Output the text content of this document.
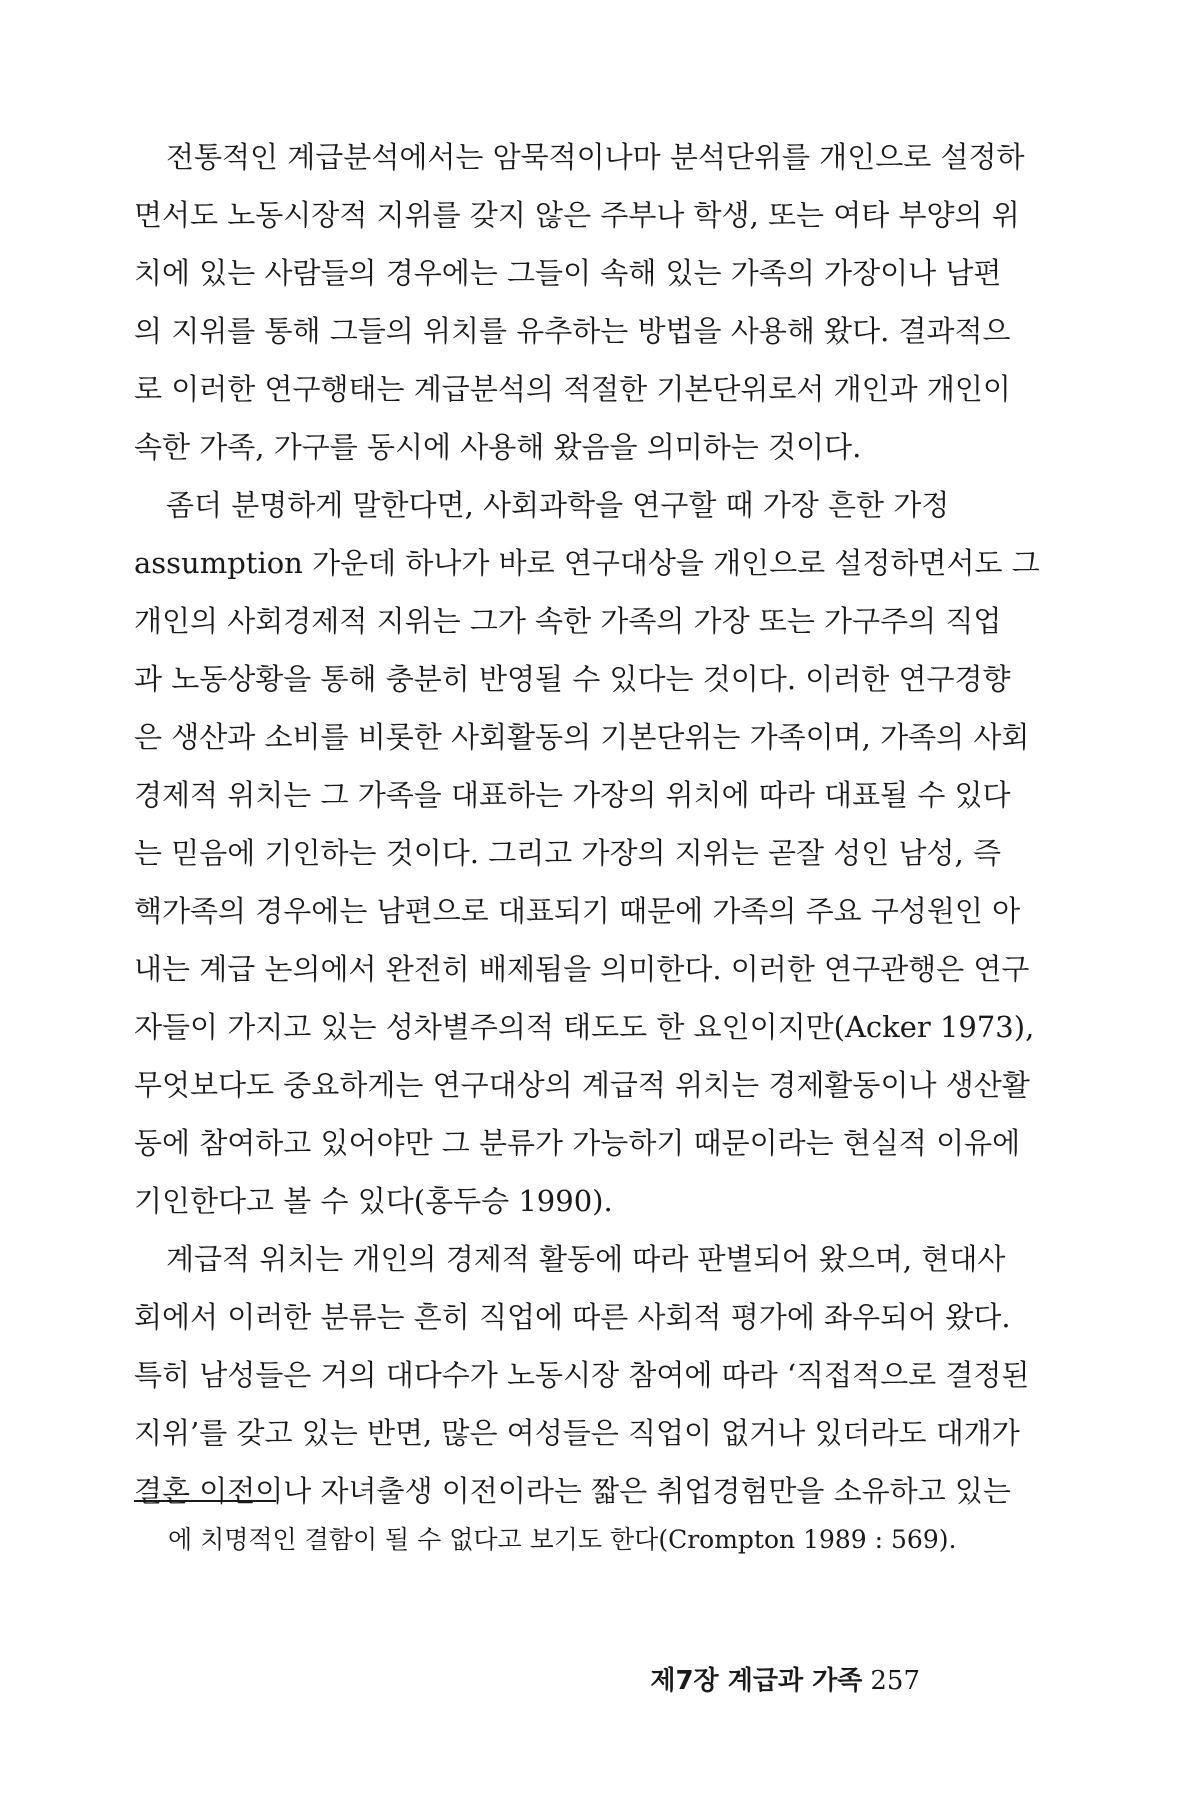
전통적인 계급분석에서는 암묵적이나마 분석단위를 개인으로 설정하
면서도 노동시장적 지위를 갖지 않은 주부나 학생, 또는 여타 부양의 위
치에 있는 사람들의 경우에는 그들이 속해 있는 가족의 가장이나 남편
의 지위를 통해 그들의 위치를 유추하는 방법을 사용해 왔다. 결과적으
로 이러한 연구행태는 계급분석의 적절한 기본단위로서 개인과 개인이
속한 가족, 가구를 동시에 사용해 왔음을 의미하는 것이다.
좀더 분명하게 말한다면, 사회과학을 연구할 때 가장 흔한 가정
assumption 가운데 하나가 바로 연구대상을 개인으로 설정하면서도 그
개인의 사회경제적 지위는 그가 속한 가족의 가장 또는 가구주의 직업
과 노동상황을 통해 충분히 반영될 수 있다는 것이다. 이러한 연구경향
은 생산과 소비를 비롯한 사회활동의 기본단위는 가족이며, 가족의 사회
경제적 위치는 그 가족을 대표하는 가장의 위치에 따라 대표될 수 있다
는 믿음에 기인하는 것이다. 그리고 가장의 지위는 곧잘 성인 남성, 즉
핵가족의 경우에는 남편으로 대표되기 때문에 가족의 주요 구성원인 아
내는 계급 논의에서 완전히 배제됨을 의미한다. 이러한 연구관행은 연구
자들이 가지고 있는 성차별주의적 태도도 한 요인이지만(Acker 1973),
무엇보다도 중요하게는 연구대상의 계급적 위치는 경제활동이나 생산활
동에 참여하고 있어야만 그 분류가 가능하기 때문이라는 현실적 이유에
기인한다고 볼 수 있다(홍두승 1990).
계급적 위치는 개인의 경제적 활동에 따라 판별되어 왔으며, 현대사
회에서 이러한 분류는 흔히 직업에 따른 사회적 평가에 좌우되어 왔다.
특히 남성들은 거의 대다수가 노동시장 참여에 따라 ‘직접적으로 결정된
지위’를 갖고 있는 반면, 많은 여성들은 직업이 없거나 있더라도 대개가
결혼 이전이나 자녀출생 이전이라는 짧은 취업경험만을 소유하고 있는
에 치명적인 결함이 될 수 없다고 보기도 한다(Crompton 1989 : 569).
제7장 계급과 가족 257
